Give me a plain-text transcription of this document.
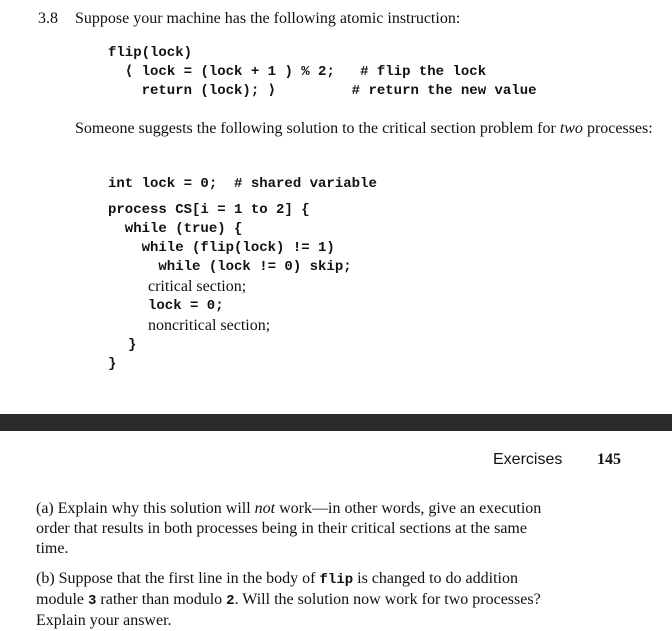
3.8 Suppose your machine has the following atomic instruction:
flip(lock)
⟨ lock = (lock + 1 ) % 2;   # flip the lock
return (lock); ⟩         # return the new value
Someone suggests the following solution to the critical section problem for two processes:
int lock = 0;  # shared variable
process CS[i = 1 to 2] {
while (true) {
while (flip(lock) != 1)
while (lock != 0) skip;
critical section;
lock = 0;
noncritical section;
}
}
Exercises 145
(a) Explain why this solution will not work—in other words, give an execution
order that results in both processes being in their critical sections at the same
time.
(b) Suppose that the first line in the body of flip is changed to do addition
module 3 rather than modulo 2. Will the solution now work for two processes?
Explain your answer.
